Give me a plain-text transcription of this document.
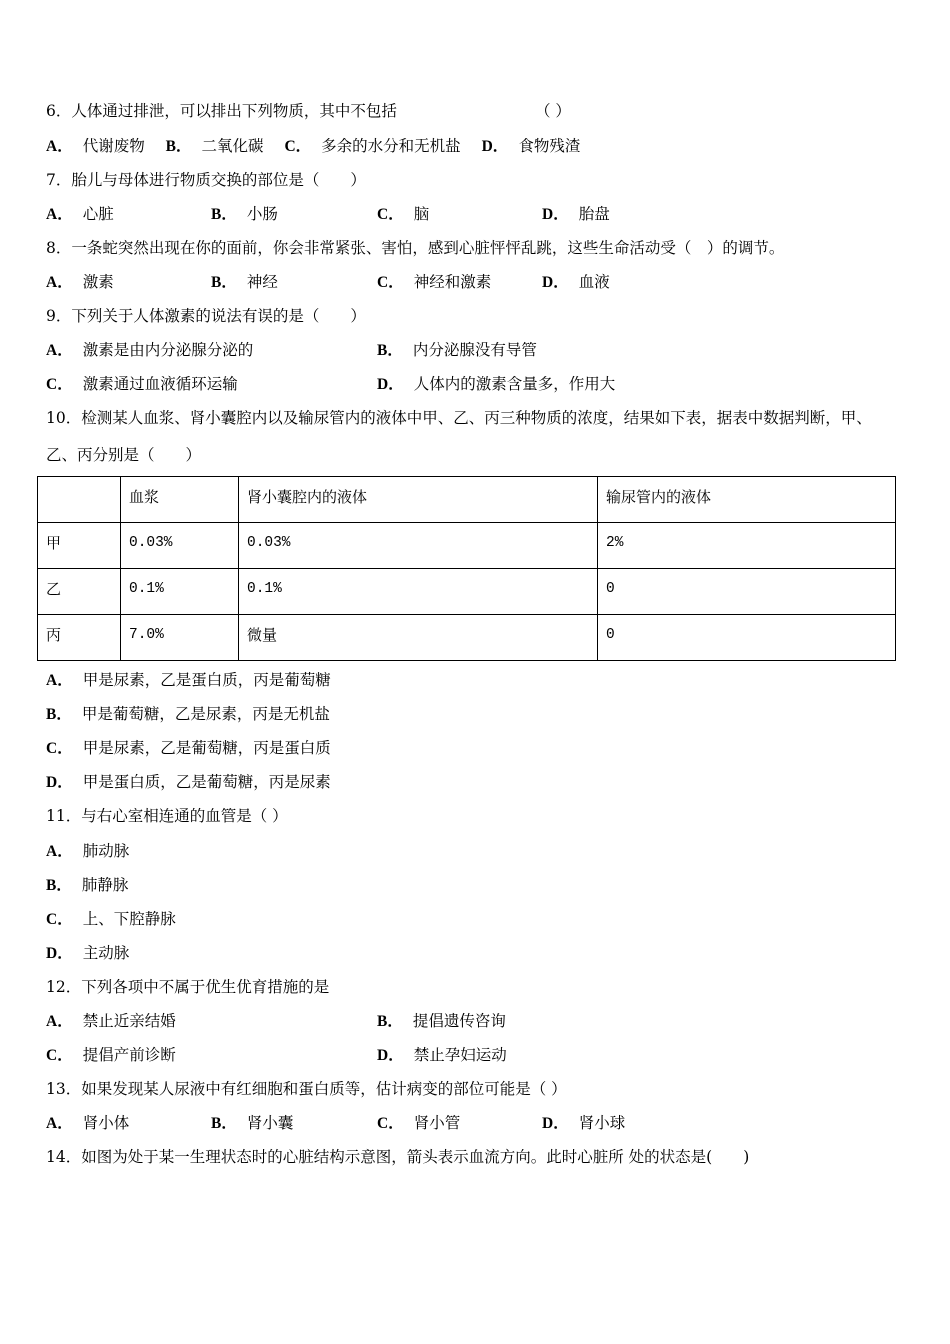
6．人体通过排泄，可以排出下列物质，其中不包括	（ ）
A． 代谢废物 B． 二氧化碳 C． 多余的水分和无机盐 D． 食物残渣
7．胎儿与母体进行物质交换的部位是（　　）
A． 心脏	B． 小肠	C． 脑	D． 胎盘
8．一条蛇突然出现在你的面前，你会非常紧张、害怕，感到心脏怦怦乱跳，这些生命活动受（　）的调节。
A． 激素	B． 神经	C． 神经和激素	D． 血液
9．下列关于人体激素的说法有误的是（　　）
A． 激素是由内分泌腺分泌的	B． 内分泌腺没有导管
C． 激素通过血液循环运输	D． 人体内的激素含量多，作用大
10．检测某人血浆、肾小囊腔内以及输尿管内的液体中甲、乙、丙三种物质的浓度，结果如下表，据表中数据判断，甲、
乙、丙分别是（　　）
	血浆	肾小囊腔内的液体	输尿管内的液体
甲	0.03%	0.03%	2%
乙	0.1%	0.1%	0
丙	7.0%	微量	0
A． 甲是尿素，乙是蛋白质，丙是葡萄糖
B． 甲是葡萄糖，乙是尿素，丙是无机盐
C． 甲是尿素，乙是葡萄糖，丙是蛋白质
D． 甲是蛋白质，乙是葡萄糖，丙是尿素
11．与右心室相连通的血管是（ ）
A． 肺动脉
B． 肺静脉
C． 上、下腔静脉
D． 主动脉
12．下列各项中不属于优生优育措施的是
A． 禁止近亲结婚	B． 提倡遗传咨询
C． 提倡产前诊断	D． 禁止孕妇运动
13．如果发现某人尿液中有红细胞和蛋白质等，估计病变的部位可能是（ ）
A． 肾小体	B． 肾小囊	C． 肾小管	D． 肾小球
14．如图为处于某一生理状态时的心脏结构示意图，箭头表示血流方向。此时心脏所 处的状态是(　　)
